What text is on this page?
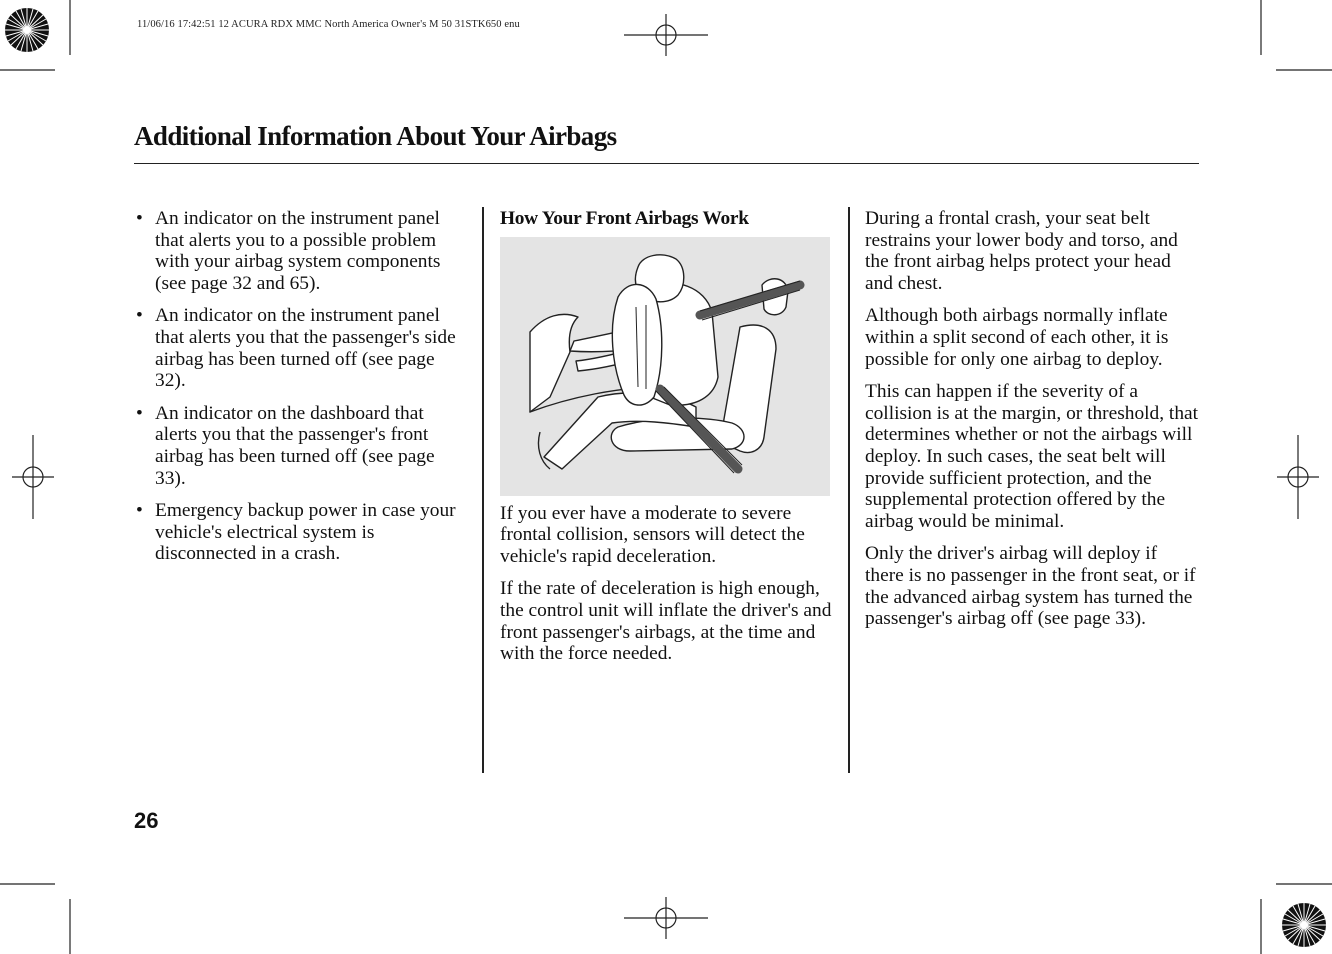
11/06/16 17:42:51 12 ACURA RDX MMC North America Owner's M 50 31STK650 enu
Additional Information About Your Airbags
• An indicator on the instrument panel that alerts you to a possible problem with your airbag system components (see page 32 and 65).
• An indicator on the instrument panel that alerts you that the passenger's side airbag has been turned off (see page 32).
• An indicator on the dashboard that alerts you that the passenger's front airbag has been turned off (see page 33).
• Emergency backup power in case your vehicle's electrical system is disconnected in a crash.

How Your Front Airbags Work

If you ever have a moderate to severe frontal collision, sensors will detect the vehicle's rapid deceleration.

If the rate of deceleration is high enough, the control unit will inflate the driver's and front passenger's airbags, at the time and with the force needed.

During a frontal crash, your seat belt restrains your lower body and torso, and the front airbag helps protect your head and chest.

Although both airbags normally inflate within a split second of each other, it is possible for only one airbag to deploy.

This can happen if the severity of a collision is at the margin, or threshold, that determines whether or not the airbags will deploy. In such cases, the seat belt will provide sufficient protection, and the supplemental protection offered by the airbag would be minimal.

Only the driver's airbag will deploy if there is no passenger in the front seat, or if the advanced airbag system has turned the passenger's airbag off (see page 33).

26
